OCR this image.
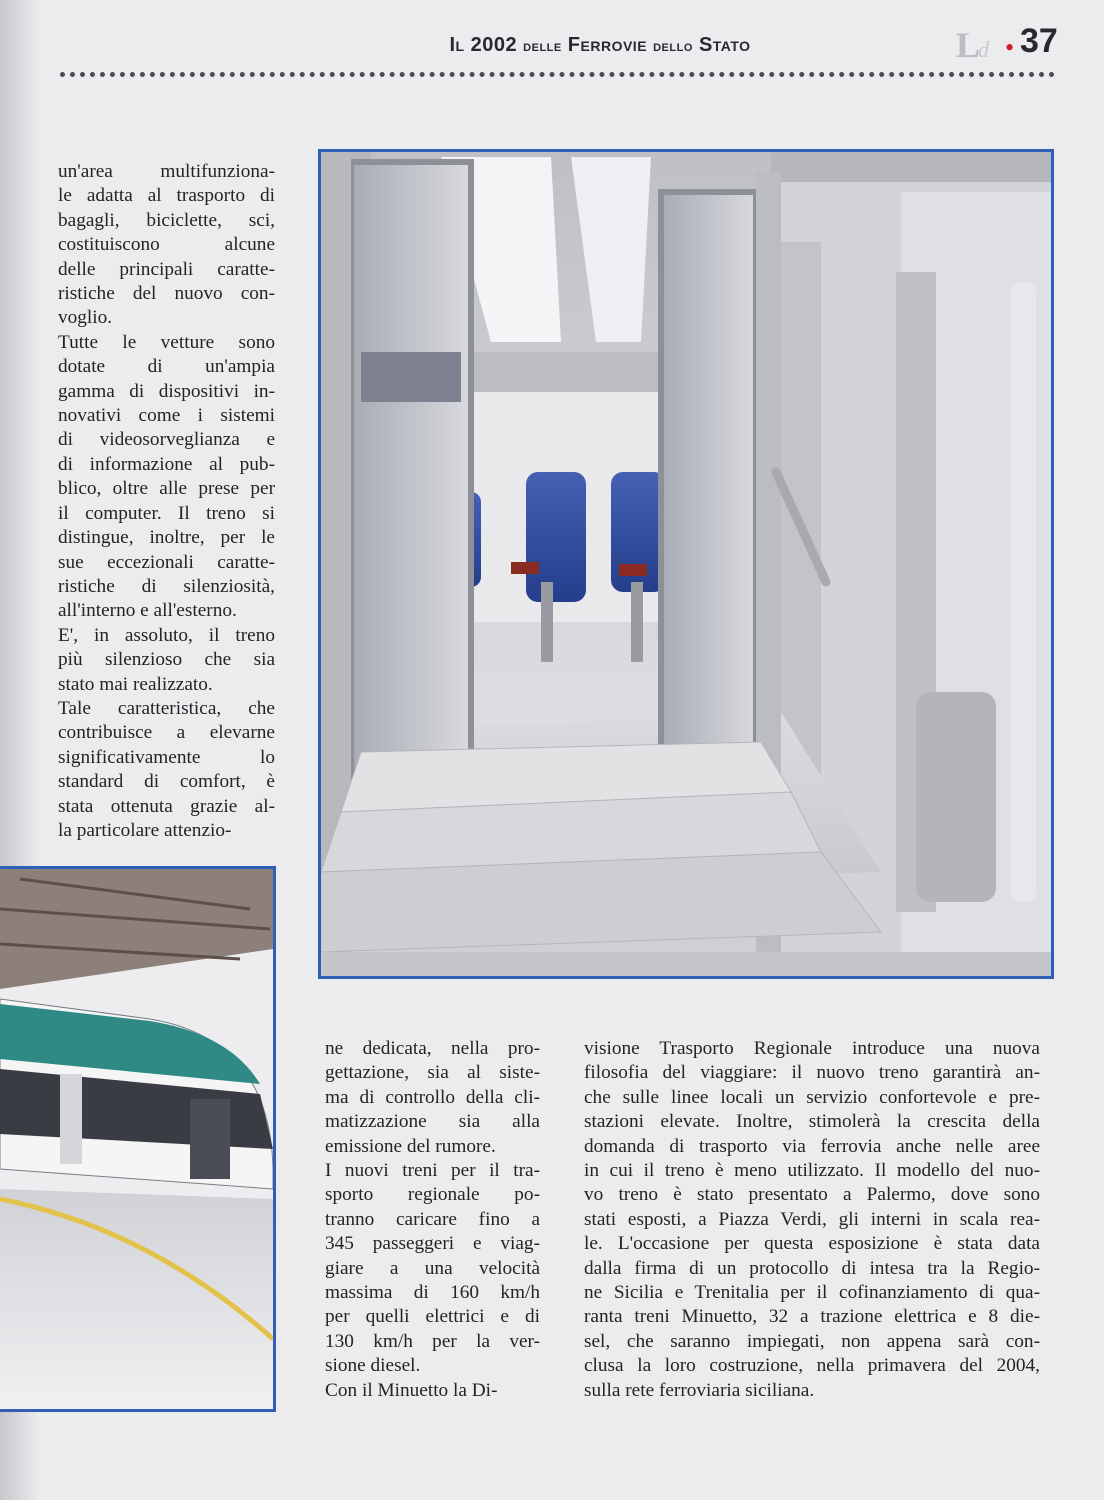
Il 2002 delle Ferrovie dello Stato	Ld • 37
un'area multifunziona-
le adatta al trasporto di
bagagli, biciclette, sci,
costituiscono alcune
delle principali caratte-
ristiche del nuovo con-
voglio.
Tutte le vetture sono
dotate di un'ampia
gamma di dispositivi in-
novativi come i sistemi
di videosorveglianza e
di informazione al pub-
blico, oltre alle prese per
il computer. Il treno si
distingue, inoltre, per le
sue eccezionali caratte-
ristiche di silenziosità,
all'interno e all'esterno.
E', in assoluto, il treno
più silenzioso che sia
stato mai realizzato.
Tale caratteristica, che
contribuisce a elevarne
significativamente lo
standard di comfort, è
stata ottenuta grazie al-
la particolare attenzio-
ne dedicata, nella pro-
gettazione, sia al siste-
ma di controllo della cli-
matizzazione sia alla
emissione del rumore.
I nuovi treni per il tra-
sporto regionale po-
tranno caricare fino a
345 passeggeri e viag-
giare a una velocità
massima di 160 km/h
per quelli elettrici e di
130 km/h per la ver-
sione diesel.
Con il Minuetto la Di-
visione Trasporto Regionale introduce una nuova
filosofia del viaggiare: il nuovo treno garantirà an-
che sulle linee locali un servizio confortevole e pre-
stazioni elevate. Inoltre, stimolerà la crescita della
domanda di trasporto via ferrovia anche nelle aree
in cui il treno è meno utilizzato. Il modello del nuo-
vo treno è stato presentato a Palermo, dove sono
stati esposti, a Piazza Verdi, gli interni in scala rea-
le. L'occasione per questa esposizione è stata data
dalla firma di un protocollo di intesa tra la Regio-
ne Sicilia e Trenitalia per il cofinanziamento di qua-
ranta treni Minuetto, 32 a trazione elettrica e 8 die-
sel, che saranno impiegati, non appena sarà con-
clusa la loro costruzione, nella primavera del 2004,
sulla rete ferroviaria siciliana.
